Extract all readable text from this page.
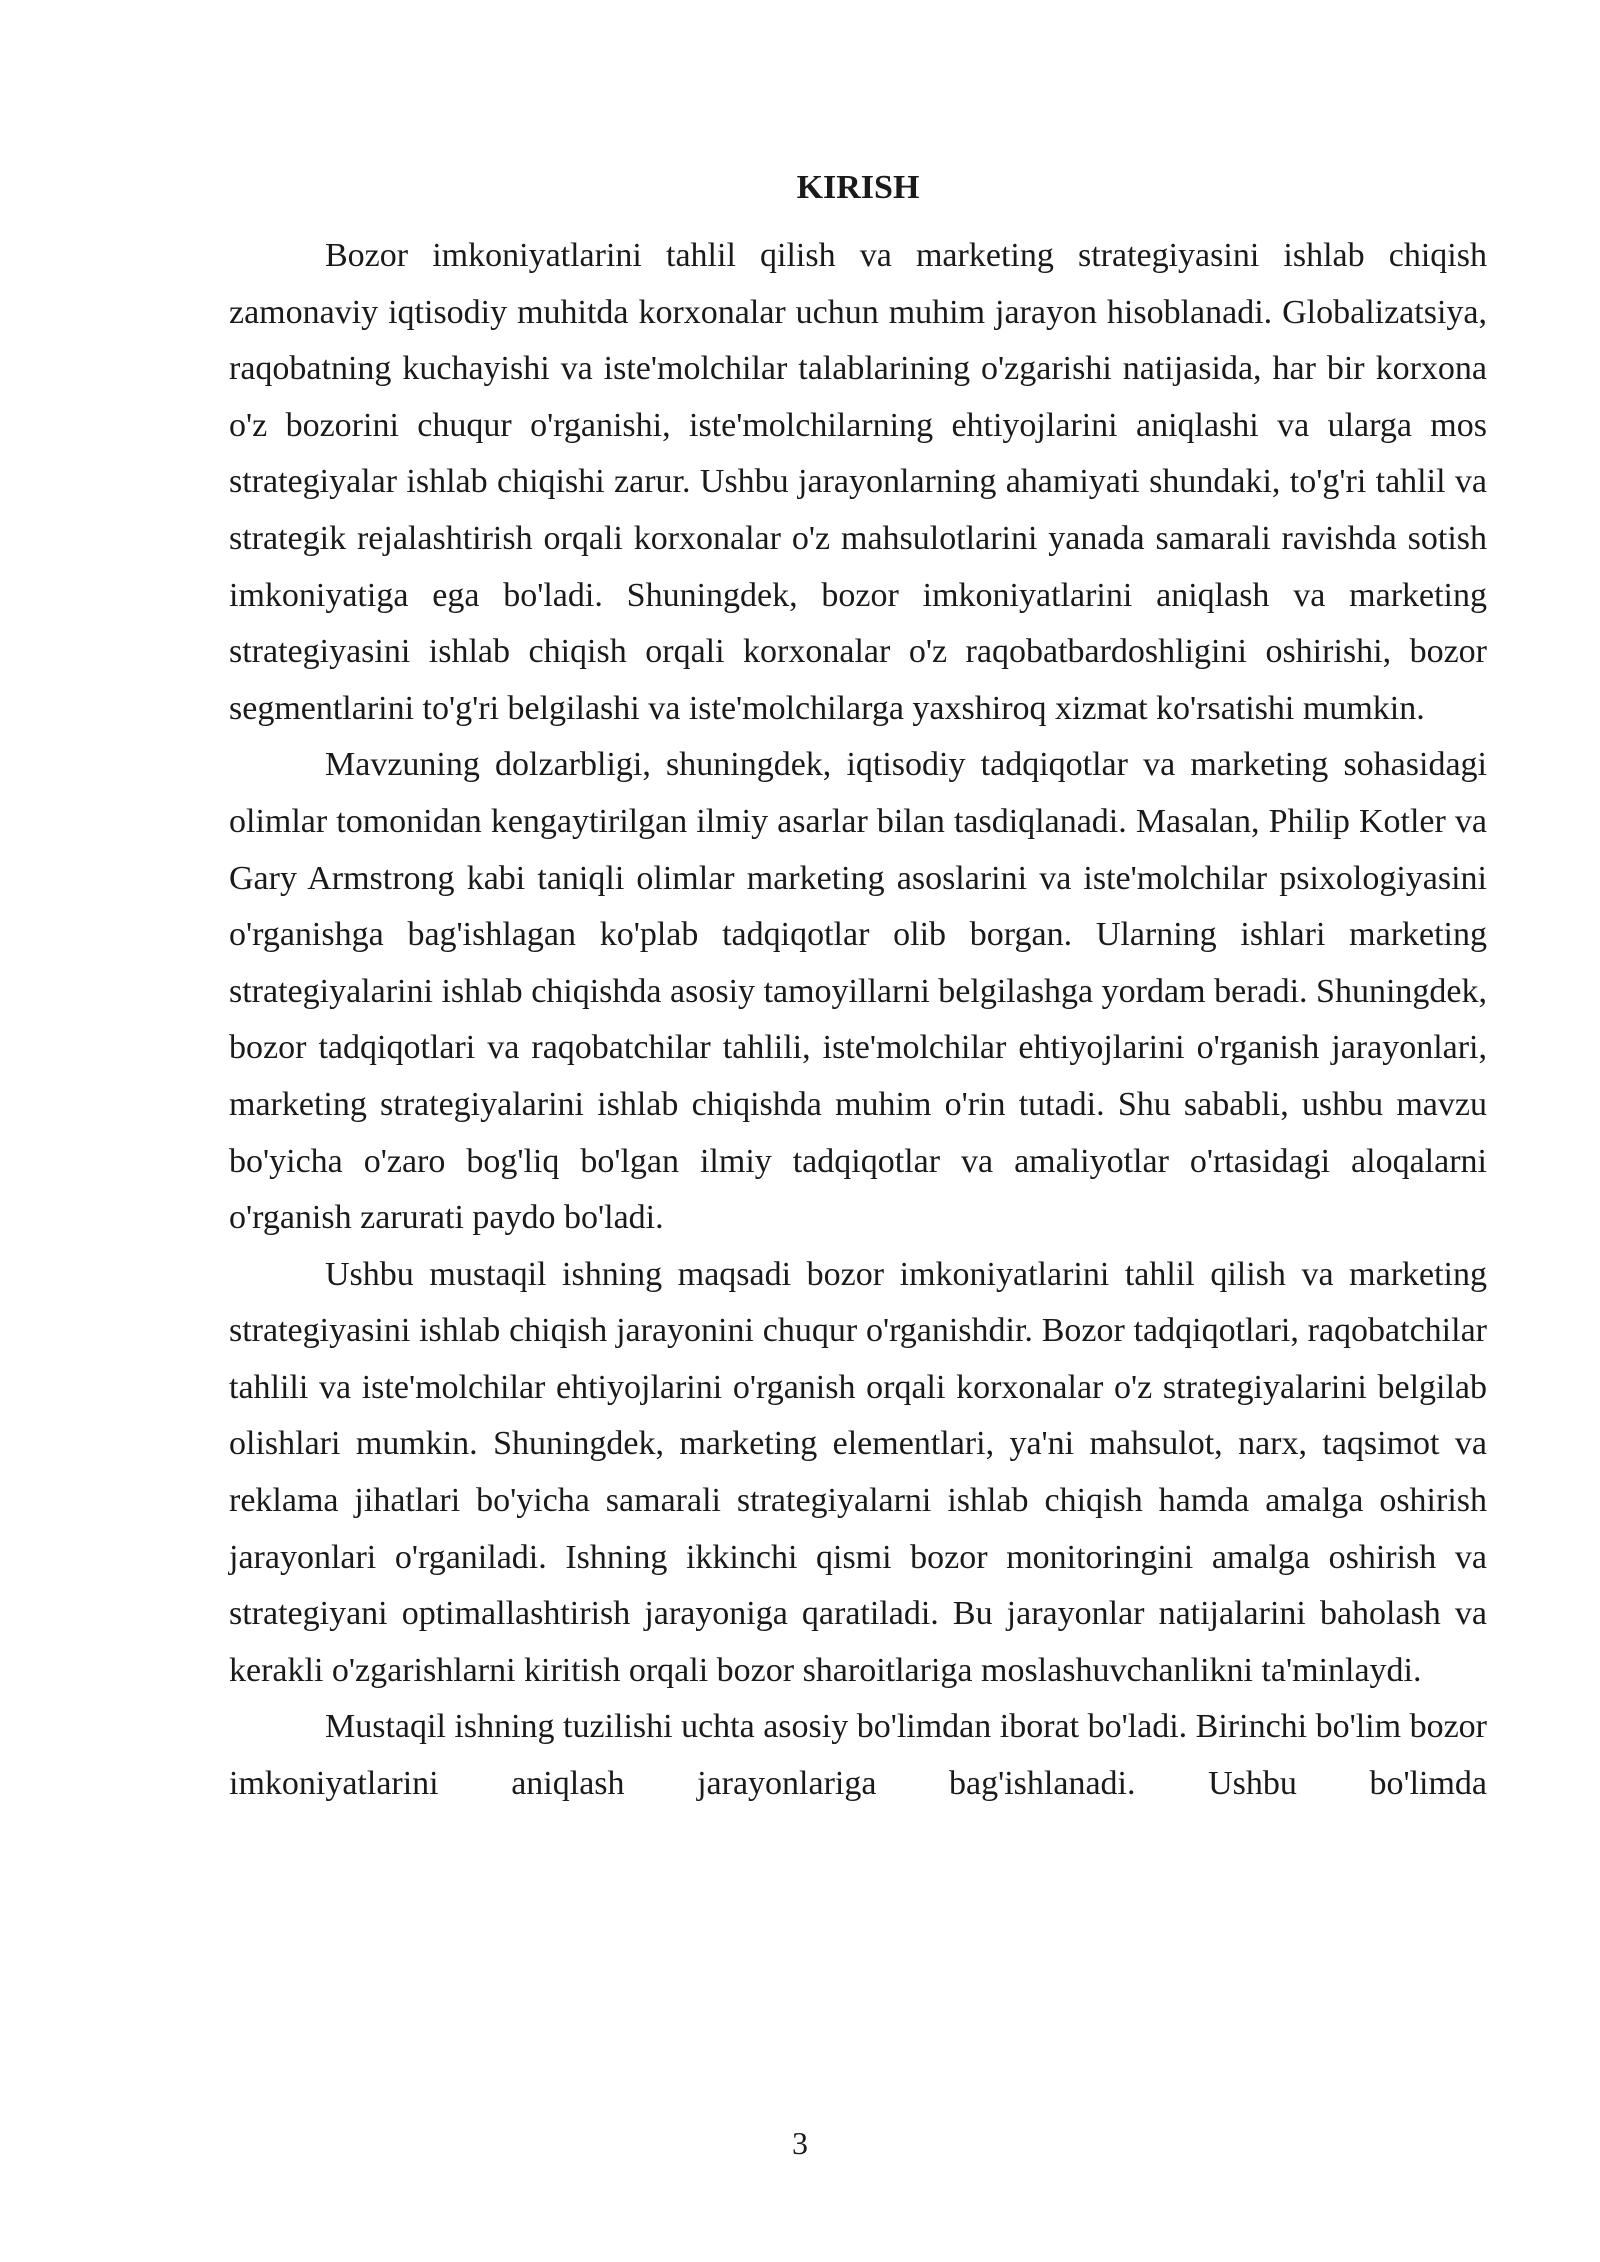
KIRISH

Bozor imkoniyatlarini tahlil qilish va marketing strategiyasini ishlab chiqish zamonaviy iqtisodiy muhitda korxonalar uchun muhim jarayon hisoblanadi. Globalizatsiya, raqobatning kuchayishi va iste'molchilar talablarining o'zgarishi natijasida, har bir korxona o'z bozorini chuqur o'rganishi, iste'molchilarning ehtiyojlarini aniqlashi va ularga mos strategiyalar ishlab chiqishi zarur. Ushbu jarayonlarning ahamiyati shundaki, to'g'ri tahlil va strategik rejalashtirish orqali korxonalar o'z mahsulotlarini yanada samarali ravishda sotish imkoniyatiga ega bo'ladi. Shuningdek, bozor imkoniyatlarini aniqlash va marketing strategiyasini ishlab chiqish orqali korxonalar o'z raqobatbardoshligini oshirishi, bozor segmentlarini to'g'ri belgilashi va iste'molchilarga yaxshiroq xizmat ko'rsatishi mumkin.

Mavzuning dolzarbligi, shuningdek, iqtisodiy tadqiqotlar va marketing sohasidagi olimlar tomonidan kengaytirilgan ilmiy asarlar bilan tasdiqlanadi. Masalan, Philip Kotler va Gary Armstrong kabi taniqli olimlar marketing asoslarini va iste'molchilar psixologiyasini o'rganishga bag'ishlagan ko'plab tadqiqotlar olib borgan. Ularning ishlari marketing strategiyalarini ishlab chiqishda asosiy tamoyillarni belgilashga yordam beradi. Shuningdek, bozor tadqiqotlari va raqobatchilar tahlili, iste'molchilar ehtiyojlarini o'rganish jarayonlari, marketing strategiyalarini ishlab chiqishda muhim o'rin tutadi. Shu sababli, ushbu mavzu bo'yicha o'zaro bog'liq bo'lgan ilmiy tadqiqotlar va amaliyotlar o'rtasidagi aloqalarni o'rganish zarurati paydo bo'ladi.

Ushbu mustaqil ishning maqsadi bozor imkoniyatlarini tahlil qilish va marketing strategiyasini ishlab chiqish jarayonini chuqur o'rganishdir. Bozor tadqiqotlari, raqobatchilar tahlili va iste'molchilar ehtiyojlarini o'rganish orqali korxonalar o'z strategiyalarini belgilab olishlari mumkin. Shuningdek, marketing elementlari, ya'ni mahsulot, narx, taqsimot va reklama jihatlari bo'yicha samarali strategiyalarni ishlab chiqish hamda amalga oshirish jarayonlari o'rganiladi. Ishning ikkinchi qismi bozor monitoringini amalga oshirish va strategiyani optimallashtirish jarayoniga qaratiladi. Bu jarayonlar natijalarini baholash va kerakli o'zgarishlarni kiritish orqali bozor sharoitlariga moslashuvchanlikni ta'minlaydi.

Mustaqil ishning tuzilishi uchta asosiy bo'limdan iborat bo'ladi. Birinchi bo'lim bozor imkoniyatlarini aniqlash jarayonlariga bag'ishlanadi. Ushbu bo'limda

3
